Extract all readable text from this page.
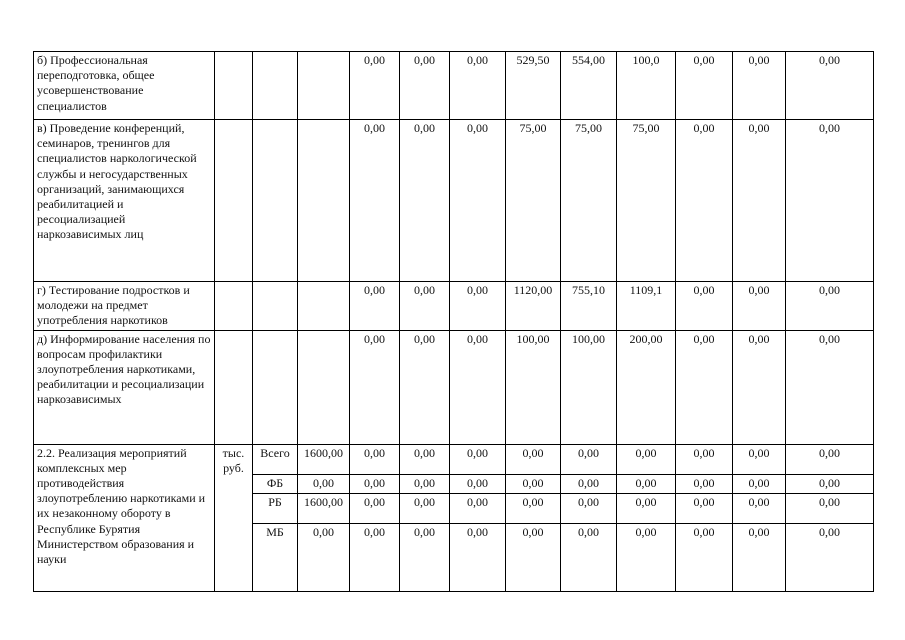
б) Профессиональная переподготовка, общее усовершенствование специалистов				0,00	0,00	0,00	529,50	554,00	100,0	0,00	0,00	0,00	
в) Проведение конференций, семинаров, тренингов для специалистов наркологической службы и негосударственных организаций, занимающихся реабилитацией и ресоциализацией наркозависимых лиц				0,00	0,00	0,00	75,00	75,00	75,00	0,00	0,00	0,00	
г) Тестирование подростков и молодежи на предмет употребления наркотиков				0,00	0,00	0,00	1120,00	755,10	1109,1	0,00	0,00	0,00	
д) Информирование населения по вопросам профилактики злоупотребления наркотиками, реабилитации и ресоциализации наркозависимых				0,00	0,00	0,00	100,00	100,00	200,00	0,00	0,00	0,00	
2.2. Реализация мероприятий комплексных мер противодействия злоупотреблению наркотиками и их незаконному обороту в Республике Бурятия Министерством образования и науки	тыс. руб.	Всего	1600,00	0,00	0,00	0,00	0,00	0,00	0,00	0,00	0,00	0,00	
		ФБ	0,00	0,00	0,00	0,00	0,00	0,00	0,00	0,00	0,00	0,00	
		РБ	1600,00	0,00	0,00	0,00	0,00	0,00	0,00	0,00	0,00	0,00	
		МБ	0,00	0,00	0,00	0,00	0,00	0,00	0,00	0,00	0,00	0,00	
